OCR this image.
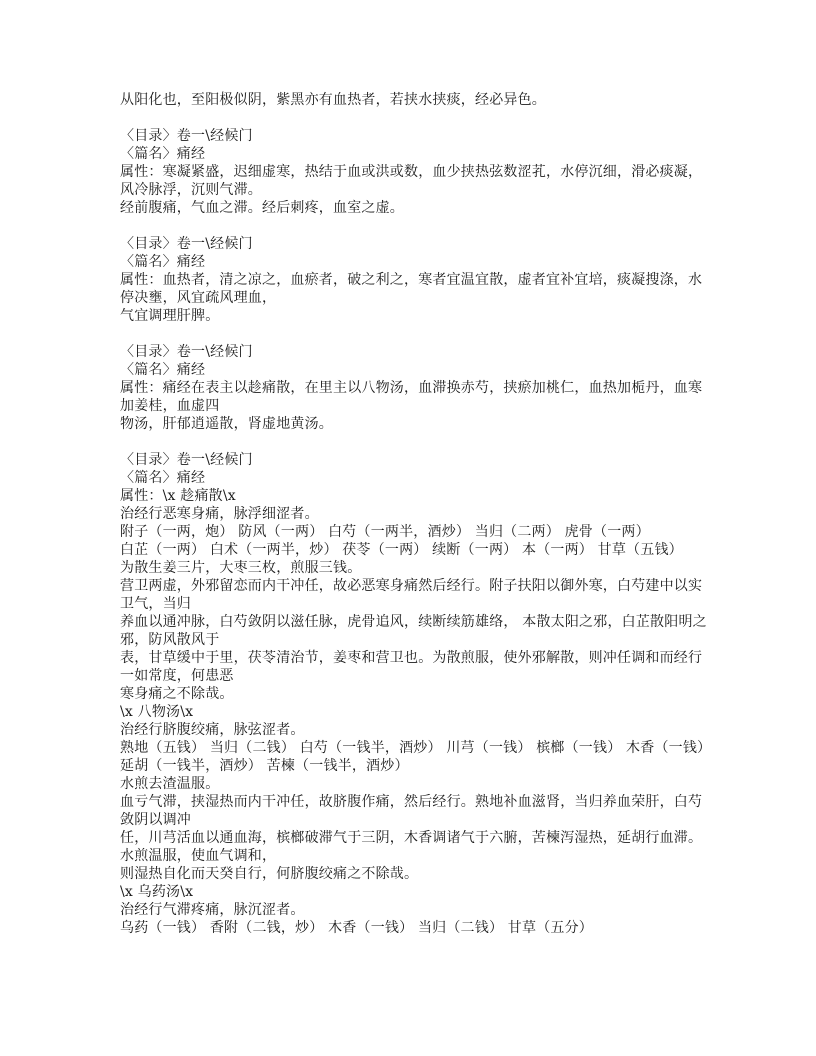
从阳化也，至阳极似阴，紫黑亦有血热者，若挟水挟痰，经必异色。
〈目录〉卷一\经候门
〈篇名〉痛经
属性：寒凝紧盛，迟细虚寒，热结于血或洪或数，血少挟热弦数涩芤，水停沉细，滑必痰凝，
风冷脉浮，沉则气滞。
经前腹痛，气血之滞。经后刺疼，血室之虚。
〈目录〉卷一\经候门
〈篇名〉痛经
属性：血热者，清之凉之，血瘀者，破之利之，寒者宜温宜散，虚者宜补宜培，痰凝搜涤，水
停决壅，风宜疏风理血，
气宜调理肝脾。
〈目录〉卷一\经候门
〈篇名〉痛经
属性：痛经在表主以趁痛散，在里主以八物汤，血滞换赤芍，挟瘀加桃仁，血热加栀丹，血寒
加姜桂，血虚四
物汤，肝郁逍遥散，肾虚地黄汤。
〈目录〉卷一\经候门
〈篇名〉痛经
属性：\x 趁痛散\x
治经行恶寒身痛，脉浮细涩者。
附子（一两，炮） 防风（一两） 白芍（一两半，酒炒） 当归（二两） 虎骨（一两）
白芷（一两） 白术（一两半，炒） 茯苓（一两） 续断（一两） 本（一两） 甘草（五钱）
为散生姜三片，大枣三枚，煎服三钱。
营卫两虚，外邪留恋而内干冲任，故必恶寒身痛然后经行。附子扶阳以御外寒，白芍建中以实
卫气，当归
养血以通冲脉，白芍敛阴以滋任脉，虎骨追风，续断续筋雄络， 本散太阳之邪，白芷散阳明之
邪，防风散风于
表，甘草缓中于里，茯苓清治节，姜枣和营卫也。为散煎服，使外邪解散，则冲任调和而经行
一如常度，何患恶
寒身痛之不除哉。
\x 八物汤\x
治经行脐腹绞痛，脉弦涩者。
熟地（五钱） 当归（二钱） 白芍（一钱半，酒炒） 川芎（一钱） 槟榔（一钱） 木香（一钱）
延胡（一钱半，酒炒） 苦楝（一钱半，酒炒）
水煎去渣温服。
血亏气滞，挟湿热而内干冲任，故脐腹作痛，然后经行。熟地补血滋肾，当归养血荣肝，白芍
敛阴以调冲
任，川芎活血以通血海，槟榔破滞气于三阴，木香调诸气于六腑，苦楝泻湿热，延胡行血滞。
水煎温服，使血气调和，
则湿热自化而天癸自行，何脐腹绞痛之不除哉。
\x 乌药汤\x
治经行气滞疼痛，脉沉涩者。
乌药（一钱） 香附（二钱，炒） 木香（一钱） 当归（二钱） 甘草（五分）
